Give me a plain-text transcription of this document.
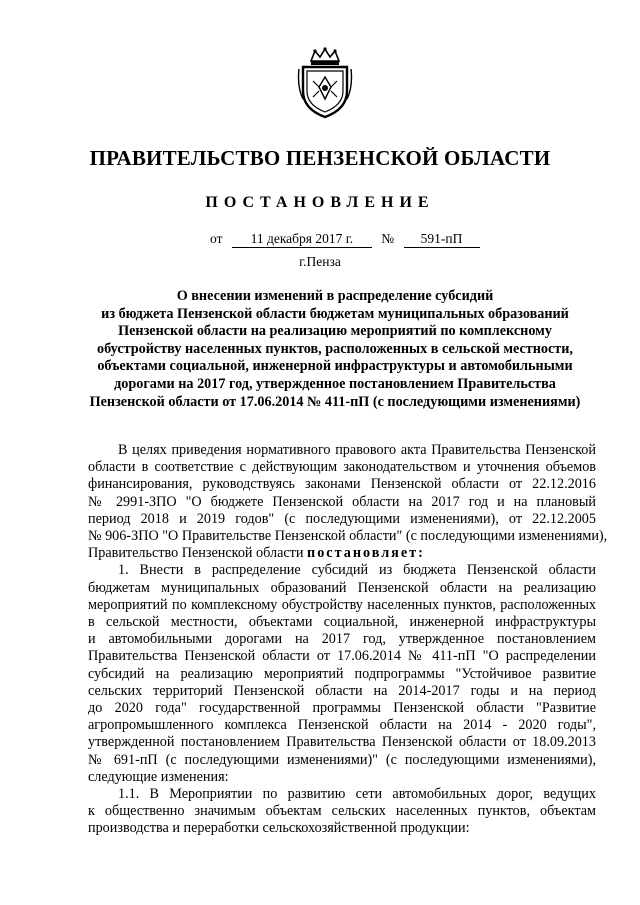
ПРАВИТЕЛЬСТВО ПЕНЗЕНСКОЙ ОБЛАСТИ
ПОСТАНОВЛЕНИЕ
от 11 декабря 2017 г. № 591-пП
г.Пенза
О внесении изменений в распределение субсидий
из бюджета Пензенской области бюджетам муниципальных образований
Пензенской области на реализацию мероприятий по комплексному
обустройству населенных пунктов, расположенных в сельской местности,
объектами социальной, инженерной инфраструктуры и автомобильными
дорогами на 2017 год, утвержденное постановлением Правительства
Пензенской области от 17.06.2014 № 411-пП (с последующими изменениями)
В целях приведения нормативного правового акта Правительства Пензенской
области в соответствие с действующим законодательством и уточнения объемов
финансирования, руководствуясь законами Пензенской области от 22.12.2016
№ 2991-ЗПО "О бюджете Пензенской области на 2017 год и на плановый
период 2018 и 2019 годов" (с последующими изменениями), от 22.12.2005
№ 906-ЗПО "О Правительстве Пензенской области" (с последующими изменениями),
Правительство Пензенской области постановляет:
1. Внести в распределение субсидий из бюджета Пензенской области
бюджетам муниципальных образований Пензенской области на реализацию
мероприятий по комплексному обустройству населенных пунктов, расположенных
в сельской местности, объектами социальной, инженерной инфраструктуры
и автомобильными дорогами на 2017 год, утвержденное постановлением
Правительства Пензенской области от 17.06.2014 № 411-пП "О распределении
субсидий на реализацию мероприятий подпрограммы "Устойчивое развитие
сельских территорий Пензенской области на 2014-2017 годы и на период
до 2020 года" государственной программы Пензенской области "Развитие
агропромышленного комплекса Пензенской области на 2014 - 2020 годы",
утвержденной постановлением Правительства Пензенской области от 18.09.2013
№ 691-пП (с последующими изменениями)" (с последующими изменениями),
следующие изменения:
1.1. В Мероприятии по развитию сети автомобильных дорог, ведущих
к общественно значимым объектам сельских населенных пунктов, объектам
производства и переработки сельскохозяйственной продукции:
